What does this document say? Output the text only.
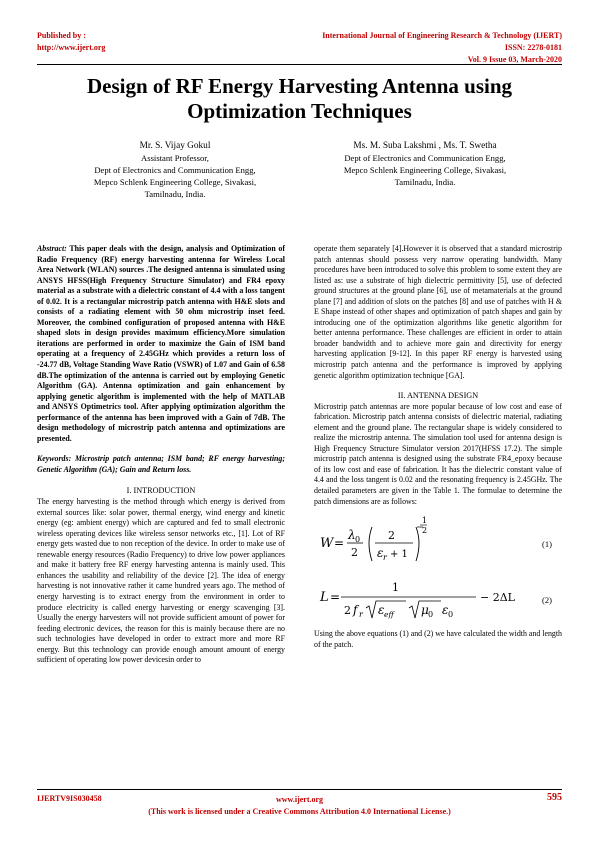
Published by :
http://www.ijert.org
International Journal of Engineering Research & Technology (IJERT)
ISSN: 2278-0181
Vol. 9 Issue 03, March-2020
Design of RF Energy Harvesting Antenna using
Optimization Techniques
Mr. S. Vijay Gokul
Assistant Professor,
Dept of Electronics and Communication Engg,
Mepco Schlenk Engineering College, Sivakasi,
Tamilnadu, India.
Ms. M. Suba Lakshmi , Ms. T. Swetha
Dept of Electronics and Communication Engg,
Mepco Schlenk Engineering College, Sivakasi,
Tamilnadu, India.

Abstract: This paper deals with the design, analysis and Optimization of Radio Frequency (RF) energy harvesting antenna for Wireless Local Area Network (WLAN) sources .The designed antenna is simulated using ANSYS HFSS(High Frequency Structure Simulator) and FR4 epoxy material as a substrate with a dielectric constant of 4.4 with a loss tangent of 0.02. It is a rectangular microstrip patch antenna with H&E slots and consists of a radiating element with 50 ohm microstrip inset feed. Moreover, the combined configuration of proposed antenna with H&E shaped slots in design provides maximum efficiency.More simulation iterations are performed in order to maximize the Gain of ISM band operating at a frequency of 2.45GHz which provides a return loss of -24.77 dB, Voltage Standing Wave Ratio (VSWR) of 1.07 and Gain of 6.58 dB.The optimization of the antenna is carried out by employing Genetic Algorithm (GA). Antenna optimization and gain enhancement by applying genetic algorithm is implemented with the help of MATLAB and ANSYS Optimetrics tool. After applying optimization algorithm the performance of the antenna has been improved with a Gain of 7dB. The design methodology of microstrip patch antenna and optimizations are presented.

Keywords: Microstrip patch antenna; ISM band; RF energy harvesting; Genetic Algorithm (GA); Gain and Return loss.

I. INTRODUCTION

The energy harvesting is the method through which energy is derived from external sources like: solar power, thermal energy, wind energy and kinetic energy (eg: ambient energy) which are captured and fed to small electronic wireless operating devices like wireless sensor networks etc., [1]. Lot of RF energy gets wasted due to non reception of the device. In order to make use of renewable energy resources (Radio Frequency) to drive low power appliances and make it battery free RF energy harvesting antenna is mainly used. This enhances the usability and reliability of the device [2]. The idea of energy harvesting is not innovative rather it came hundred years ago. The method of energy harvesting is to extract energy from the environment in order to produce electricity is called energy harvesting or energy scavenging [3]. Usually the energy harvesters will not provide sufficient amount of power for feeding electronic devices, the reason for this is mainly because there are no such technologies have developed in order to extract more and more RF energy. But this technology can provide enough amount amount of energy sufficient of operating low power devicesin order to

operate them separately [4].However it is observed that a standard microstrip patch antennas should possess very narrow operating bandwidth. Many procedures have been introduced to solve this problem to some extent they are listed as: use a substrate of high dielectric permittivity [5], use of defected ground structures at the ground plane [6], use of metamaterials at the ground plane [7] and addition of slots on the patches [8] and use of patches with H & E Shape instead of other shapes and optimization of patch shapes and gain by introducing one of the optimization algorithms like genetic algorithm for better antenna performance. These challenges are efficient in order to attain broader bandwidth and to achieve more gain and directivity for energy harvesting application [9-12]. In this paper RF energy is harvested using microstrip patch antenna and the performance is improved by applying genetic algorithm optimization technique [GA].

II. ANTENNA DESIGN

Microstrip patch antennas are more popular because of low cost and ease of fabrication. Microstrip patch antenna consists of dielectric material, radiating element and the ground plane. The rectangular shape is widely considered to realize the microstrip antenna. The simulation tool used for antenna design is High Frequency Structure Simulator version 2017(HFSS 17.2). The simple microstrip patch antenna is designed using the substrate FR4_epoxy because of its low cost and ease of fabrication. It has the dielectric constant value of 4.4 and the loss tangent is 0.02 and the resonating frequency is 2.45GHz. The detailed parameters are given in the Table 1. The formulae to determine the patch dimensions are as follows:

W =
λ 0
2
2
ε r + 1
1
2
(1)
L =
1
2 f r ε eff μ 0 ε 0
− 2ΔL	(2)

Using the above equations (1) and (2) we have calculated the width and length of the patch.

IJERTV9IS030458	www.ijert.org
(This work is licensed under a Creative Commons Attribution 4.0 International License.)
595
